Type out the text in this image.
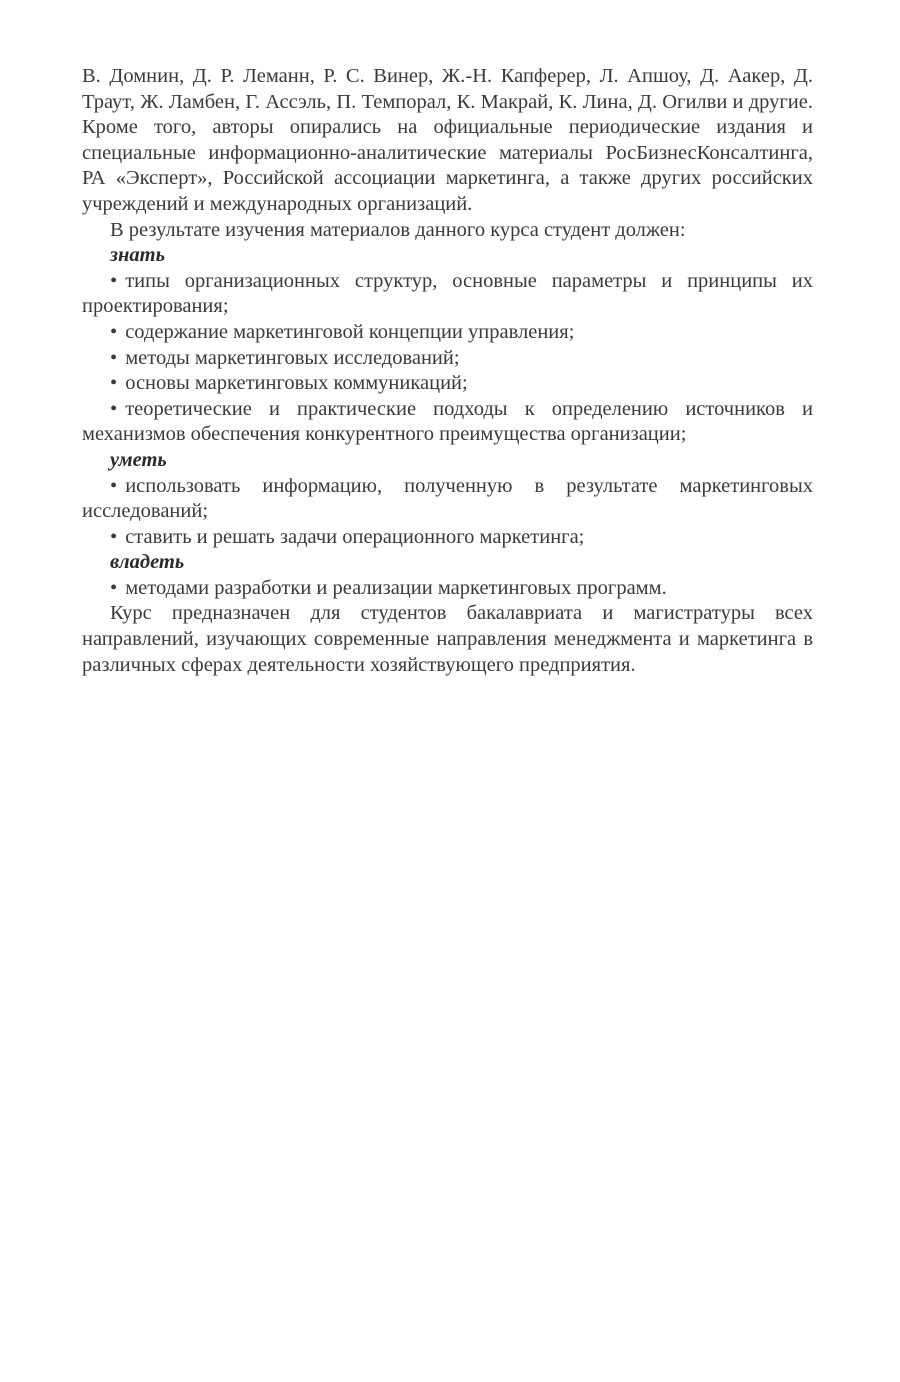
В. Домнин, Д. Р. Леманн, Р. С. Винер, Ж.-Н. Капферер, Л. Апшоу, Д. Аакер, Д. Траут, Ж. Ламбен, Г. Ассэль, П. Темпорал, К. Макрай, К. Лина, Д. Огилви и другие. Кроме того, авторы опирались на официальные периодические издания и специальные информационно-аналитические материалы РосБизнесКонсалтинга, РА «Эксперт», Российской ассоциации маркетинга, а также других российских учреждений и международных организаций.

В результате изучения материалов данного курса студент должен:

знать

• типы организационных структур, основные параметры и принципы их проектирования;

• содержание маркетинговой концепции управления;

• методы маркетинговых исследований;

• основы маркетинговых коммуникаций;

• теоретические и практические подходы к определению источников и механизмов обеспечения конкурентного преимущества организации;

уметь

• использовать информацию, полученную в результате маркетинговых исследований;

• ставить и решать задачи операционного маркетинга;

владеть

• методами разработки и реализации маркетинговых программ.

Курс предназначен для студентов бакалавриата и магистратуры всех направлений, изучающих современные направления менеджмента и маркетинга в различных сферах деятельности хозяйствующего предприятия.
